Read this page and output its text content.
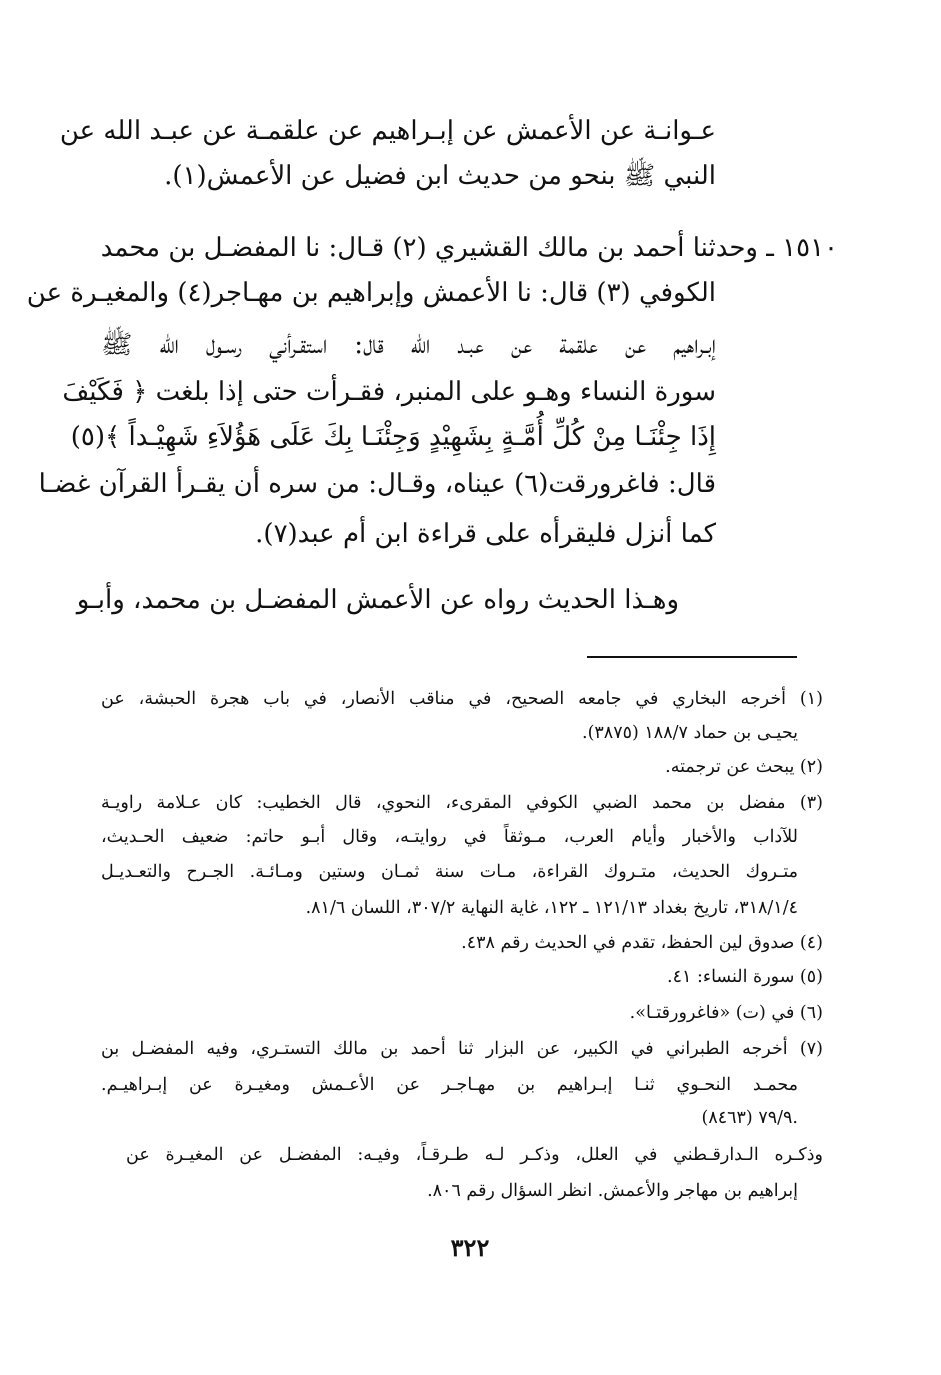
عـوانـة عن الأعمش عن إبـراهيم عن علقمـة عن عبـد الله عن
النبي ﷺ بنحو من حديث ابن فضيل عن الأعمش(١).
١٥١٠ ـ وحدثنا أحمد بن مالك القشيري (٢) قـال: نا المفضـل بن محمد
الكوفي (٣) قال: نا الأعمش وإبراهيم بن مهـاجر(٤) والمغيـرة عن
إبـراهيم عن علقمة عن عبـد الله قال: استقـرأني رسـول الله ﷺ
سورة النساء وهـو على المنبر، فقـرأت حتى إذا بلغت ﴿ فَكَيْفَ
إِذَا جِئْنَـا مِنْ كُلِّ أُمَّـةٍ بِشَهِيْدٍ وَجِئْنَـا بِكَ عَلَى هَؤُلاَءِ شَهِيْـداً ﴾(٥)
قال: فاغرورقت(٦) عيناه، وقـال: من سره أن يقـرأ القرآن غضـا
كما أنزل فليقرأه على قراءة ابن أم عبد(٧).
وهـذا الحديث رواه عن الأعمش المفضـل بن محمد، وأبـو
(١) أخرجه البخاري في جامعه الصحيح، في مناقب الأنصار، في باب هجرة الحبشة، عن
يحيـى بن حماد ١٨٨/٧ (٣٨٧٥).
(٢) يبحث عن ترجمته.
(٣) مفضل بن محمد الضبي الكوفي المقرىء، النحوي، قال الخطيب: كان عـلامة راويـة
للآداب والأخبار وأيام العرب، مـوثقاً في روايتـه، وقال أبـو حاتم: ضعيف الحـديث،
متـروك الحديث، متـروك القراءة، مـات سنة ثمـان وستين ومـائـة. الجـرح والتعـديـل
٣١٨/١/٤، تاريخ بغداد ١٢١/١٣ ـ ١٢٢، غاية النهاية ٣٠٧/٢، اللسان ٨١/٦.
(٤) صدوق لين الحفظ، تقدم في الحديث رقم ٤٣٨.
(٥) سورة النساء: ٤١.
(٦) في (ت) «فاغرورقتـا».
(٧) أخرجه الطبراني في الكبير، عن البزار ثنا أحمد بن مالك التستـري، وفيه المفضـل بن
محمـد النحـوي ثنـا إبـراهيم بن مهـاجـر عن الأعـمش ومغيـرة عن إبـراهيـم.
٧٩/٩ (٨٤٦٣).
وذكـره الـدارقـطني في العلل، وذكـر لـه طـرقـاً، وفيـه: المفضـل عن المغيـرة عن
إبراهيم بن مهاجر والأعمش. انظر السؤال رقم ٨٠٦.
٣٢٢
